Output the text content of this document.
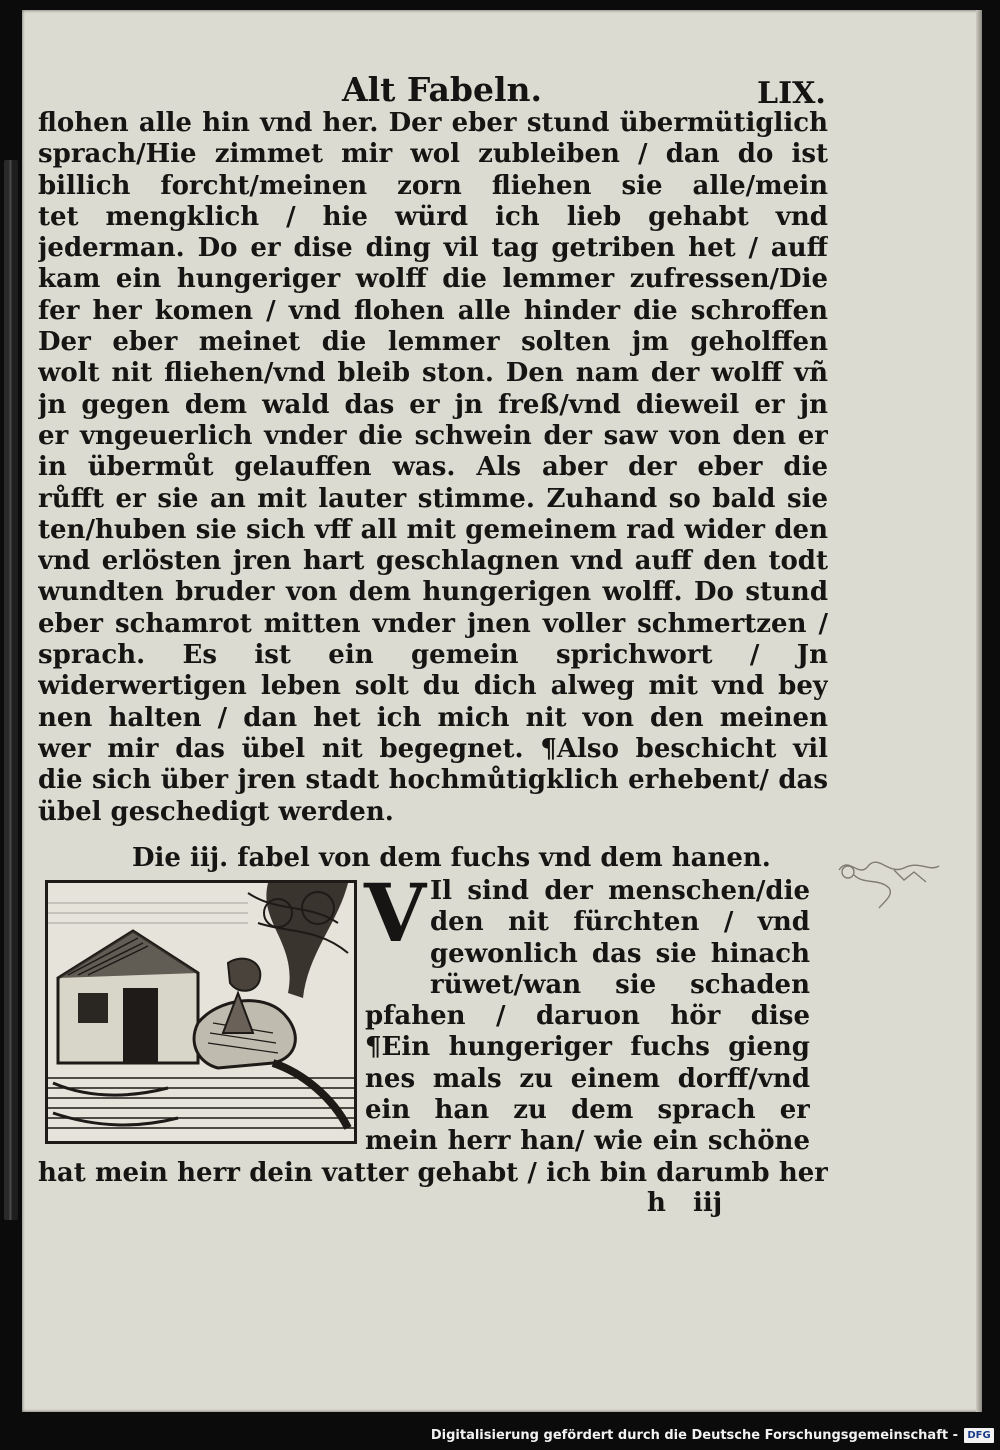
Alt Fabeln.	LIX.
flohen alle hin vnd her. Der eber stund übermütiglich
sprach/Hie zimmet mir wol zubleiben / dan do ist
billich forcht/meinen zorn fliehen sie alle/mein
tet mengklich / hie würd ich lieb gehabt vnd
jederman. Do er dise ding vil tag getriben het / auff
kam ein hungeriger wolff die lemmer zufressen/Die
fer her komen / vnd flohen alle hinder die schroffen
Der eber meinet die lemmer solten jm geholffen
wolt nit fliehen/vnd bleib ston. Den nam der wolff vñ
jn gegen dem wald das er jn freß/vnd dieweil er jn
er vngeuerlich vnder die schwein der saw von den er
in übermůt gelauffen was. Als aber der eber die
růfft er sie an mit lauter stimme. Zuhand so bald sie
ten/huben sie sich vff all mit gemeinem rad wider den
vnd erlösten jren hart geschlagnen vnd auff den todt
wundten bruder von dem hungerigen wolff. Do stund
eber schamrot mitten vnder jnen voller schmertzen /
sprach. Es ist ein gemein sprichwort / Jn
widerwertigen leben solt du dich alweg mit vnd bey
nen halten / dan het ich mich nit von den meinen
wer mir das übel nit begegnet. ¶Also beschicht vil
die sich über jren stadt hochmůtigklich erhebent/ das
übel geschedigt werden.
Die iij. fabel von dem fuchs vnd dem hanen.
V Il sind der menschen/die
den nit fürchten / vnd
gewonlich das sie hinach
rüwet/wan sie schaden
pfahen / daruon hör dise
¶Ein hungeriger fuchs gieng
nes mals zu einem dorff/vnd
ein han zu dem sprach er
mein herr han/ wie ein schöne
hat mein herr dein vatter gehabt / ich bin darumb her
h iij
Digitalisierung gefördert durch die Deutsche Forschungsgemeinschaft - DFG
